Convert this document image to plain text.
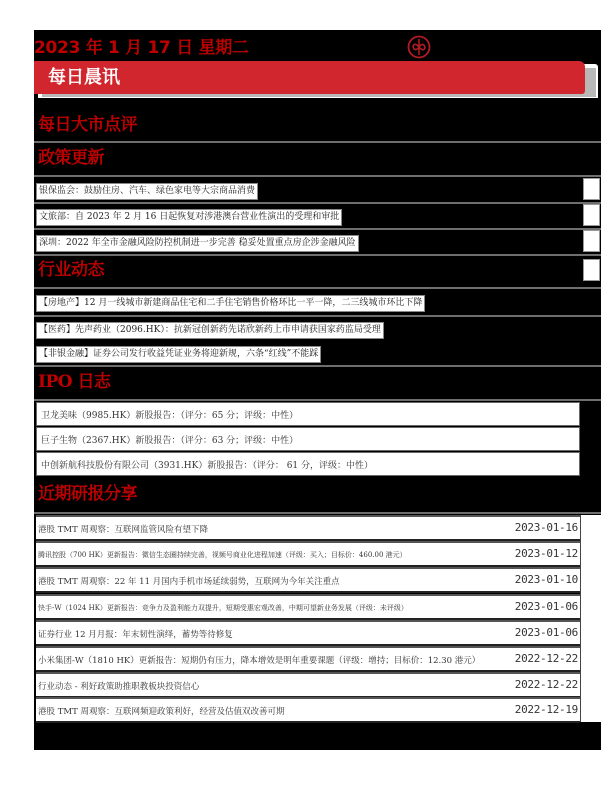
2023 年 1 月 17 日 星期二
每日晨讯
每日大市点评
政策更新
银保监会：鼓励住房、汽车、绿色家电等大宗商品消费
文旅部：自 2023 年 2 月 16 日起恢复对涉港澳台营业性演出的受理和审批
深圳：2022 年全市金融风险防控机制进一步完善 稳妥处置重点房企涉金融风险
行业动态
【房地产】12 月一线城市新建商品住宅和二手住宅销售价格环比一平一降，二三线城市环比下降
【医药】先声药业（2096.HK）：抗新冠创新药先诺欣新药上市申请获国家药监局受理
【非银金融】证券公司发行收益凭证业务将迎新规，六条“红线”不能踩
IPO 日志
卫龙美味（9985.HK）新股报告：（评分：65 分；评级：中性）
巨子生物（2367.HK）新股报告：（评分：63 分；评级：中性）
中创新航科技股份有限公司（3931.HK）新股报告：（评分： 61 分，评级：中性）
近期研报分享
港股 TMT 周观察：互联网监管风险有望下降	2023-01-16
腾讯控股（700 HK）更新报告：微信生态圈持续完善，视频号商业化进程加速（评级：买入；目标价：460.00 港元）	2023-01-12
港股 TMT 周观察：22 年 11 月国内手机市场延续弱势，互联网为今年关注重点	2023-01-10
快手-W（1024 HK）更新报告：竞争力及盈利能力双提升，短期受惠宏观改善，中期可望新业务发展（评级：未评级）	2023-01-06
证券行业 12 月月报：年末韧性演绎，蓄势等待修复	2023-01-06
小米集团-W（1810 HK）更新报告：短期仍有压力，降本增效是明年重要课题（评级：增持；目标价：12.30 港元）	2022-12-22
行业动态 - 利好政策助推职教板块投资信心	2022-12-22
港股 TMT 周观察：互联网频迎政策利好，经营及估值双改善可期	2022-12-19
